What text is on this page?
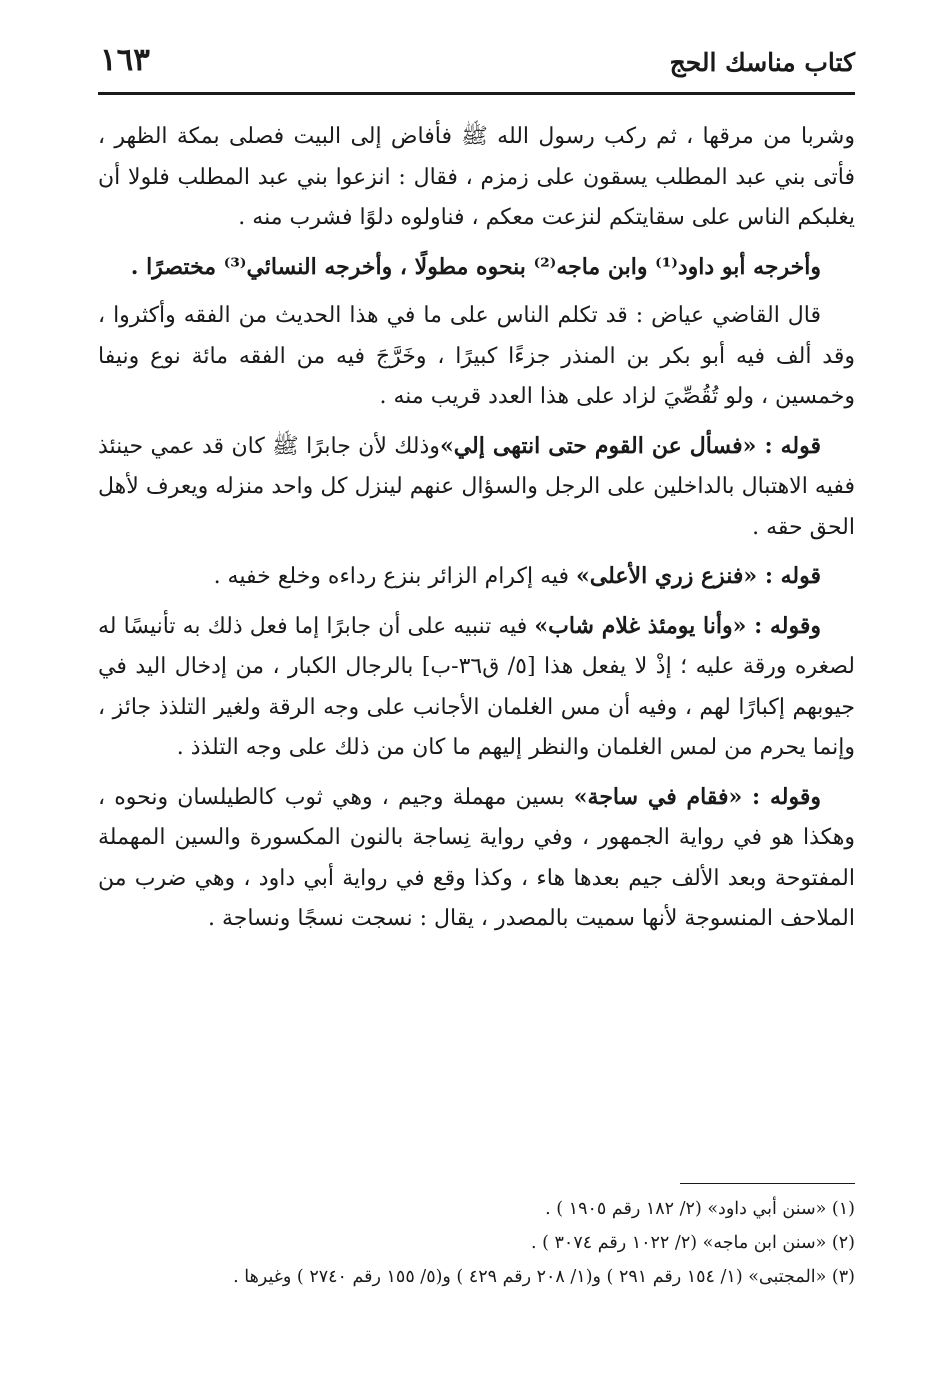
كتاب مناسك الحج
١٦٣

وشربا من مرقها ، ثم ركب رسول الله ﷺ فأفاض إلى البيت فصلى بمكة الظهر ، فأتى بني عبد المطلب يسقون على زمزم ، فقال : انزعوا بني عبد المطلب فلولا أن يغلبكم الناس على سقايتكم لنزعت معكم ، فناولوه دلوًا فشرب منه .

وأخرجه أبو داود⁽¹⁾ وابن ماجه⁽²⁾ بنحوه مطولًا ، وأخرجه النسائي⁽³⁾ مختصرًا .

قال القاضي عياض : قد تكلم الناس على ما في هذا الحديث من الفقه وأكثروا ، وقد ألف فيه أبو بكر بن المنذر جزءًا كبيرًا ، وخَرَّجَ فيه من الفقه مائة نوع ونيفا وخمسين ، ولو تُقُصِّيَ لزاد على هذا العدد قريب منه .

قوله : «فسأل عن القوم حتى انتهى إلي»وذلك لأن جابرًا ﷺ كان قد عمي حينئذ ففيه الاهتبال بالداخلين على الرجل والسؤال عنهم لينزل كل واحد منزله ويعرف لأهل الحق حقه .

قوله : «فنزع زري الأعلى» فيه إكرام الزائر بنزع رداءه وخلع خفيه .

وقوله : «وأنا يومئذ غلام شاب» فيه تنبيه على أن جابرًا إما فعل ذلك به تأنيسًا له لصغره ورقة عليه ؛ إذْ لا يفعل هذا [٥/ ق٣٦-ب] بالرجال الكبار ، من إدخال اليد في جيوبهم إكبارًا لهم ، وفيه أن مس الغلمان الأجانب على وجه الرقة ولغير التلذذ جائز ، وإنما يحرم من لمس الغلمان والنظر إليهم ما كان من ذلك على وجه التلذذ .

وقوله : «فقام في ساجة» بسين مهملة وجيم ، وهي ثوب كالطيلسان ونحوه ، وهكذا هو في رواية الجمهور ، وفي رواية نِساجة بالنون المكسورة والسين المهملة المفتوحة وبعد الألف جيم بعدها هاء ، وكذا وقع في رواية أبي داود ، وهي ضرب من الملاحف المنسوجة لأنها سميت بالمصدر ، يقال : نسجت نسجًا ونساجة .

(١) «سنن أبي داود» (٢/ ١٨٢ رقم ١٩٠٥ ) .
(٢) «سنن ابن ماجه» (٢/ ١٠٢٢ رقم ٣٠٧٤ ) .
(٣) «المجتبى» (١/ ١٥٤ رقم ٢٩١ ) و(١/ ٢٠٨ رقم ٤٢٩ ) و(٥/ ١٥٥ رقم ٢٧٤٠ ) وغيرها .
